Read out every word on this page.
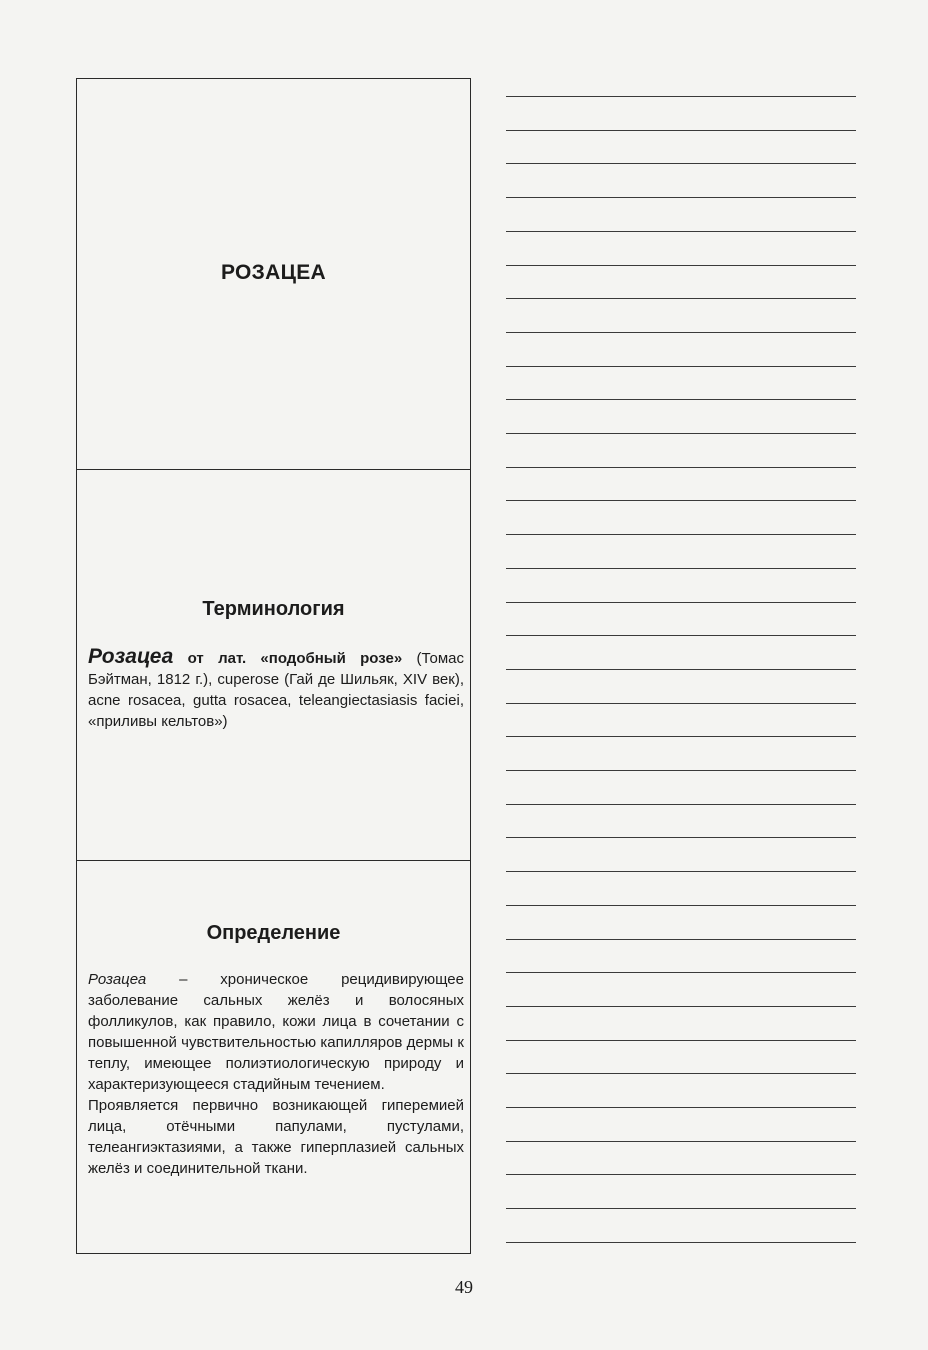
РОЗАЦЕА
Терминология

Розацеа от лат. «подобный розе» (Томас Бэйтман, 1812 г.), cuperose (Гай де Шильяк, XIV век), acne rosacea, gutta rosacea, teleangiectasiasis faciei, «приливы кельтов»)

Определение

Розацеа – хроническое рецидивирующее заболевание сальных желёз и волосяных фолликулов, как правило, кожи лица в сочетании с повышенной чувствительностью капилляров дермы к теплу, имеющее полиэтиологическую природу и характеризующееся стадийным течением.
Проявляется первично возникающей гиперемией лица, отёчными папулами, пустулами, телеангиэктазиями, а также гиперплазией сальных желёз и соединительной ткани.

49
